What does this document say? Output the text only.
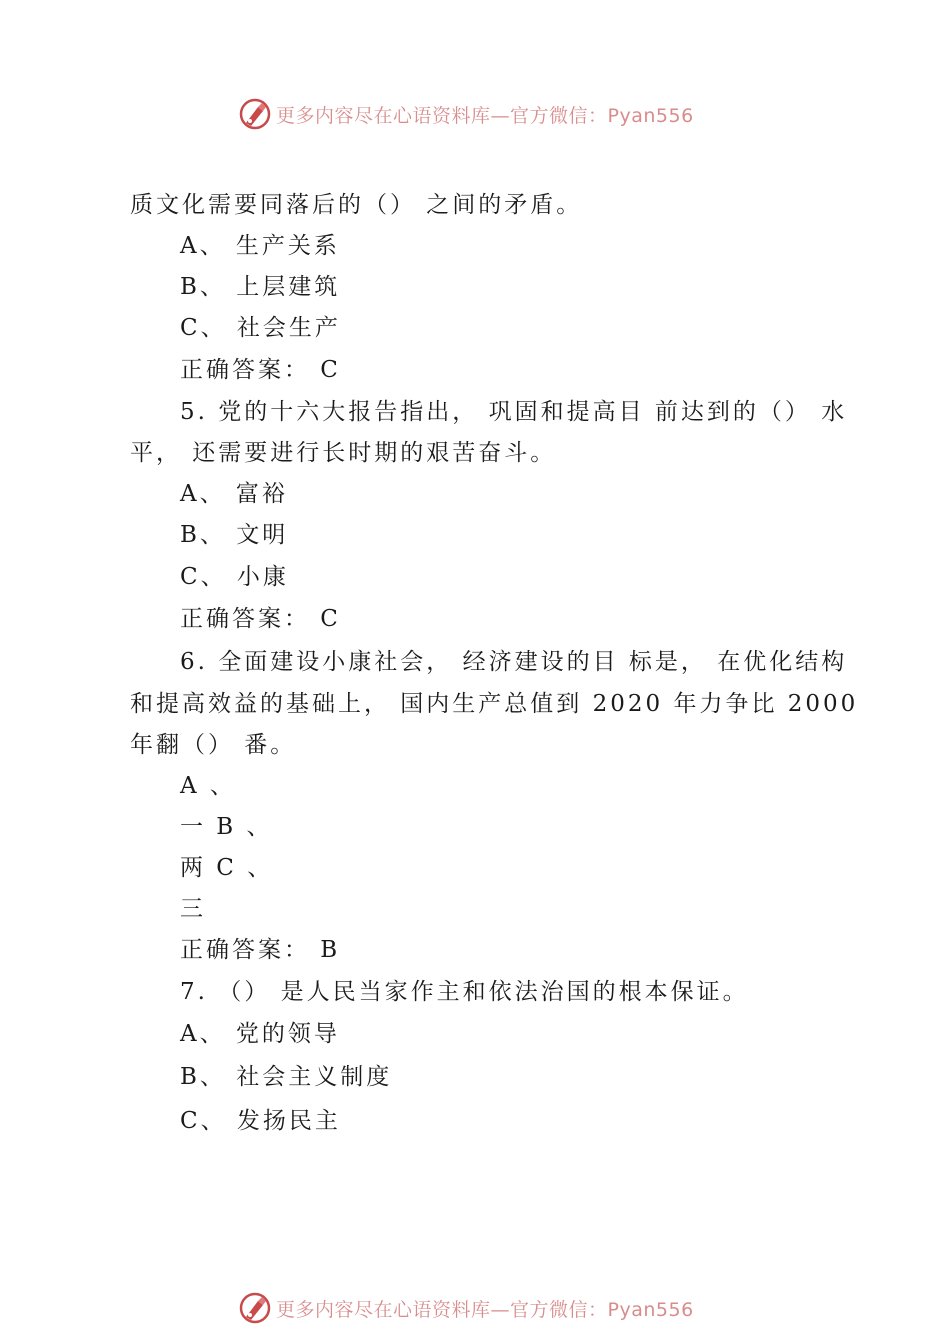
更多内容尽在心语资料库—官方微信：Pyan556
质文化需要同落后的（） 之间的矛盾。
A、 生产关系
B、 上层建筑
C、 社会生产
正确答案： C
5. 党的十六大报告指出， 巩固和提高目 前达到的（） 水
平， 还需要进行长时期的艰苦奋斗。
A、 富裕
B、 文明
C、 小康
正确答案： C
6. 全面建设小康社会， 经济建设的目 标是， 在优化结构
和提高效益的基础上， 国内生产总值到 2020 年力争比 2000
年翻（） 番。
A 、
一 B 、
两 C 、
三
正确答案： B
7. （） 是人民当家作主和依法治国的根本保证。
A、 党的领导
B、 社会主义制度
C、 发扬民主
更多内容尽在心语资料库—官方微信：Pyan556
